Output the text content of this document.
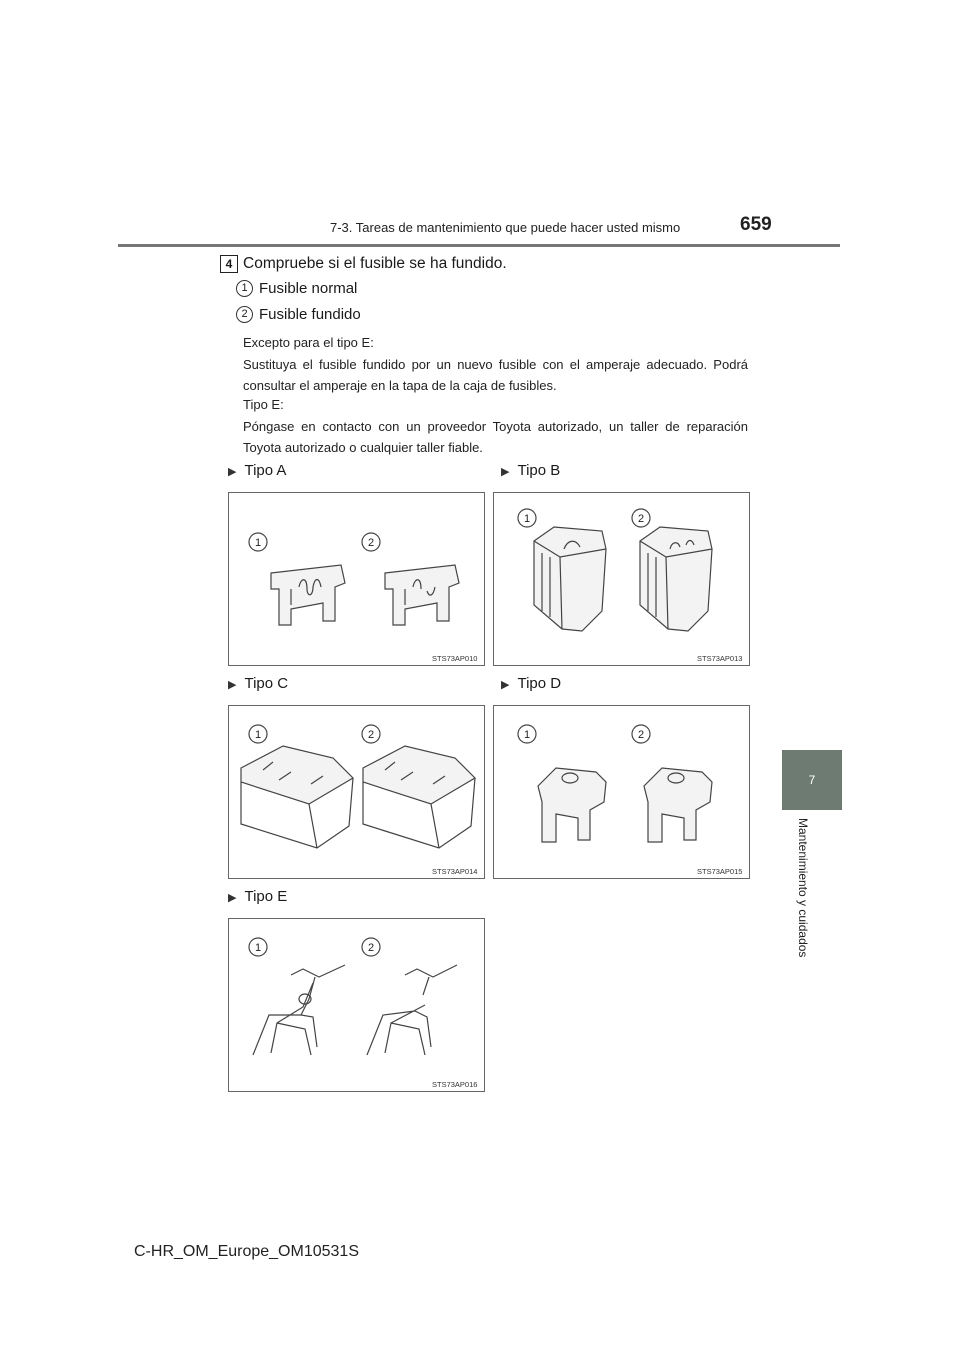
7-3. Tareas de mantenimiento que puede hacer usted mismo	659
7
Mantenimiento y cuidados
4 Compruebe si el fusible se ha fundido.
1 Fusible normal
2 Fusible fundido
Excepto para el tipo E:
Sustituya el fusible fundido por un nuevo fusible con el amperaje adecuado. Podrá consultar el amperaje en la tapa de la caja de fusibles.
Tipo E:
Póngase en contacto con un proveedor Toyota autorizado, un taller de reparación Toyota autorizado o cualquier taller fiable.
▶ Tipo A
1	2
STS73AP010
▶ Tipo B
1	2
STS73AP013
▶ Tipo C
1	2
STS73AP014
▶ Tipo D
1	2
STS73AP015
▶ Tipo E
1	2
STS73AP016
C-HR_OM_Europe_OM10531S
